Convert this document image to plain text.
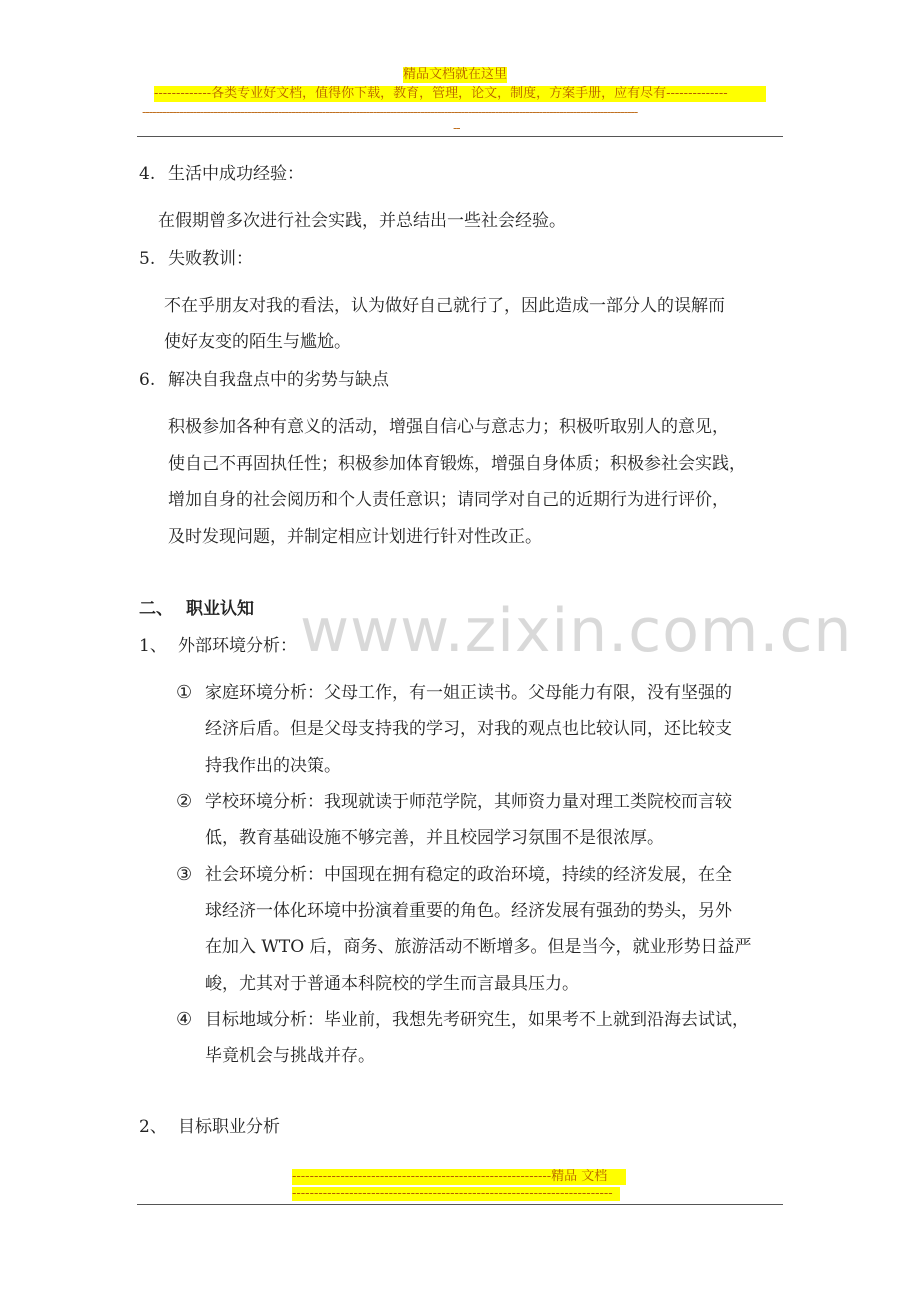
精品文档就在这里
-------------各类专业好文档，值得你下载，教育，管理，论文，制度，方案手册，应有尽有--------------
--------------------------------------------------------------------------------------------------------------------------------------------------
--
www.zixin.com.cn
4. 生活中成功经验：
在假期曾多次进行社会实践，并总结出一些社会经验。
5. 失败教训：
不在乎朋友对我的看法，认为做好自己就行了，因此造成一部分人的误解而
使好友变的陌生与尴尬。
6. 解决自我盘点中的劣势与缺点
积极参加各种有意义的活动，增强自信心与意志力；积极听取别人的意见，
使自己不再固执任性；积极参加体育锻炼，增强自身体质；积极参社会实践，
增加自身的社会阅历和个人责任意识；请同学对自己的近期行为进行评价，
及时发现问题，并制定相应计划进行针对性改正。
二、 职业认知
1、 外部环境分析：
① 家庭环境分析：父母工作，有一姐正读书。父母能力有限，没有坚强的
经济后盾。但是父母支持我的学习，对我的观点也比较认同，还比较支
持我作出的决策。
② 学校环境分析：我现就读于师范学院，其师资力量对理工类院校而言较
低，教育基础设施不够完善，并且校园学习氛围不是很浓厚。
③ 社会环境分析：中国现在拥有稳定的政治环境，持续的经济发展，在全
球经济一体化环境中扮演着重要的角色。经济发展有强劲的势头，另外
在加入 WTO 后，商务、旅游活动不断增多。但是当今，就业形势日益严
峻，尤其对于普通本科院校的学生而言最具压力。
④ 目标地域分析：毕业前，我想先考研究生，如果考不上就到沿海去试试，
毕竟机会与挑战并存。
2、 目标职业分析
-----------------------------------------------------------精品 文档
-------------------------------------------------------------------------
